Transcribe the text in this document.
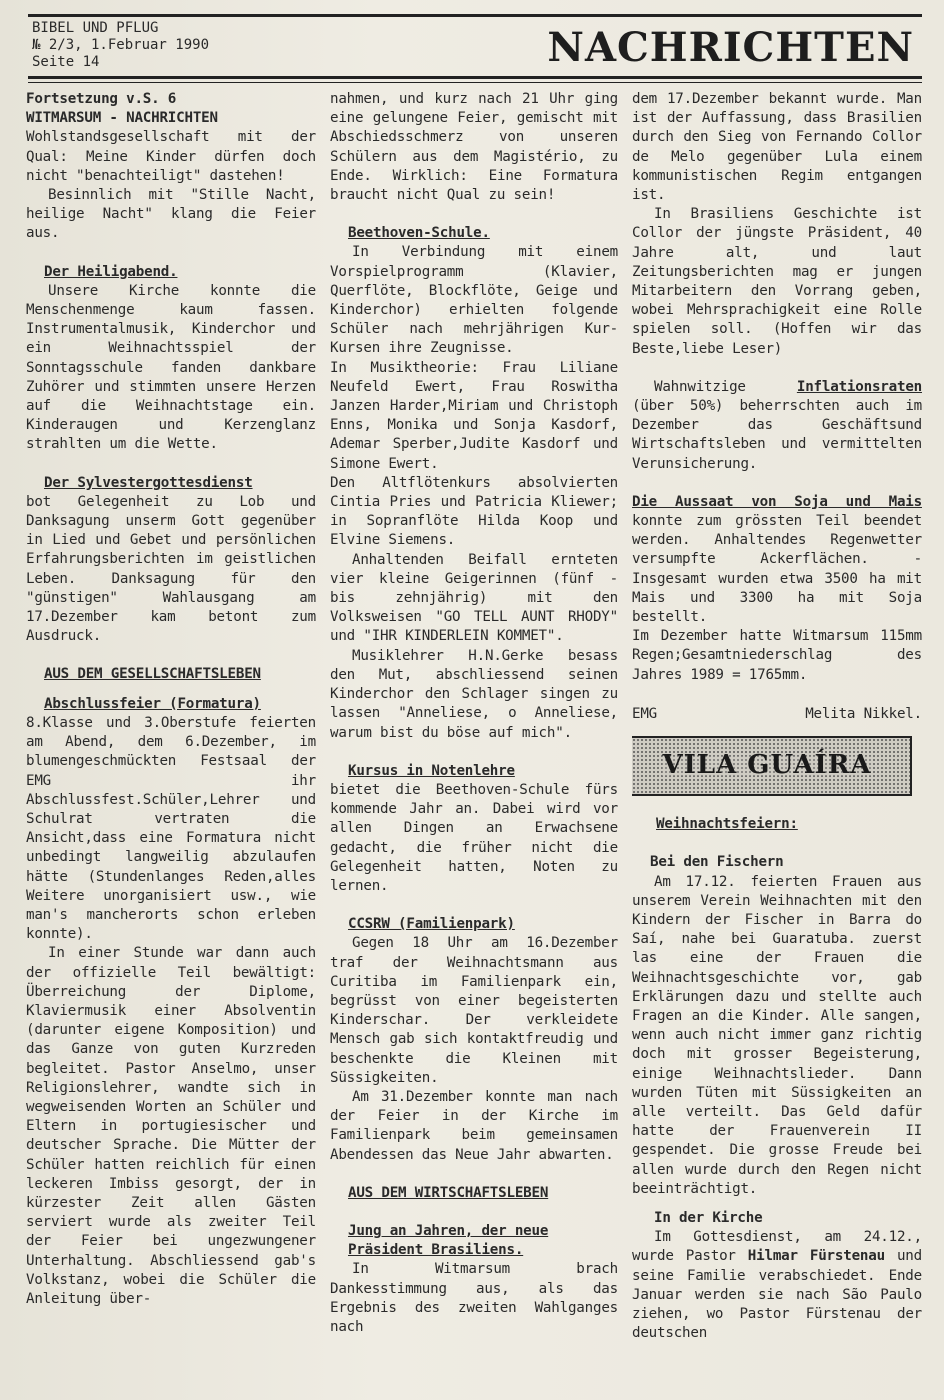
BIBEL UND PFLUG
№ 2/3, 1.Februar 1990
Seite 14	NACHRICHTEN

Fortsetzung v.S. 6

WITMARSUM - NACHRICHTEN

Wohlstandsgesellschaft mit der Qual: Meine Kinder dürfen doch nicht "benachteiligt" dastehen!

Besinnlich mit "Stille Nacht, heilige Nacht" klang die Feier aus.

Der Heiligabend.

Unsere Kirche konnte die Menschenmenge kaum fassen. Instrumentalmusik, Kinderchor und ein Weihnachtsspiel der Sonntagsschule fanden dankbare Zuhörer und stimmten unsere Herzen auf die Weihnachtstage ein. Kinderaugen und Kerzenglanz strahlten um die Wette.

Der Sylvestergottesdienst

bot Gelegenheit zu Lob und Danksagung unserm Gott gegenüber in Lied und Gebet und persönlichen Erfahrungsberichten im geistlichen Leben. Danksagung für den "günstigen" Wahlausgang am 17.Dezember kam betont zum Ausdruck.

AUS DEM GESELLSCHAFTSLEBEN

Abschlussfeier (Formatura)

8.Klasse und 3.Oberstufe feierten am Abend, dem 6.Dezember, im blumengeschmückten Festsaal der EMG ihr Abschlussfest.Schüler,Lehrer und Schulrat vertraten die Ansicht,dass eine Formatura nicht unbedingt langweilig abzulaufen hätte (Stundenlanges Reden,alles Weitere unorganisiert usw., wie man's mancherorts schon erleben konnte).

In einer Stunde war dann auch der offizielle Teil bewältigt: Überreichung der Diplome, Klaviermusik einer Absolventin (darunter eigene Komposition) und das Ganze von guten Kurzreden begleitet. Pastor Anselmo, unser Religionslehrer, wandte sich in wegweisenden Worten an Schüler und Eltern in portugiesischer und deutscher Sprache. Die Mütter der Schüler hatten reichlich für einen leckeren Imbiss gesorgt, der in kürzester Zeit allen Gästen serviert wurde als zweiter Teil der Feier bei ungezwungener Unterhaltung. Abschliessend gab's Volkstanz, wobei die Schüler die Anleitung über-

nahmen, und kurz nach 21 Uhr ging eine gelungene Feier, gemischt mit Abschiedsschmerz von unseren Schülern aus dem Magistério, zu Ende. Wirklich: Eine Formatura braucht nicht Qual zu sein!

Beethoven-Schule.

In Verbindung mit einem Vorspielprogramm (Klavier, Querflöte, Blockflöte, Geige und Kinderchor) erhielten folgende Schüler nach mehrjährigen Kur-Kursen ihre Zeugnisse.

In Musiktheorie: Frau Liliane Neufeld Ewert, Frau Roswitha Janzen Harder,Miriam und Christoph Enns, Monika und Sonja Kasdorf, Ademar Sperber,Judite Kasdorf und Simone Ewert.

Den Altflötenkurs absolvierten Cintia Pries und Patricia Kliewer; in Sopranflöte Hilda Koop und Elvine Siemens.

Anhaltenden Beifall ernteten vier kleine Geigerinnen (fünf - bis zehnjährig) mit den Volksweisen "GO TELL AUNT RHODY" und "IHR KINDERLEIN KOMMET".

Musiklehrer H.N.Gerke besass den Mut, abschliessend seinen Kinderchor den Schlager singen zu lassen "Anneliese, o Anneliese, warum bist du böse auf mich".

Kursus in Notenlehre

bietet die Beethoven-Schule fürs kommende Jahr an. Dabei wird vor allen Dingen an Erwachsene gedacht, die früher nicht die Gelegenheit hatten, Noten zu lernen.

CCSRW (Familienpark)

Gegen 18 Uhr am 16.Dezember traf der Weihnachtsmann aus Curitiba im Familienpark ein, begrüsst von einer begeisterten Kinderschar. Der verkleidete Mensch gab sich kontaktfreudig und beschenkte die Kleinen mit Süssigkeiten.

Am 31.Dezember konnte man nach der Feier in der Kirche im Familienpark beim gemeinsamen Abendessen das Neue Jahr abwarten.

AUS DEM WIRTSCHAFTSLEBEN

Jung an Jahren, der neue Präsident Brasiliens.

In Witmarsum brach Dankesstimmung aus, als das Ergebnis des zweiten Wahlganges nach

dem 17.Dezember bekannt wurde. Man ist der Auffassung, dass Brasilien durch den Sieg von Fernando Collor de Melo gegenüber Lula einem kommunistischen Regim entgangen ist.

In Brasiliens Geschichte ist Collor der jüngste Präsident, 40 Jahre alt, und laut Zeitungsberichten mag er jungen Mitarbeitern den Vorrang geben, wobei Mehrsprachigkeit eine Rolle spielen soll. (Hoffen wir das Beste,liebe Leser)

Wahnwitzige Inflationsraten (über 50%) beherrschten auch im Dezember das Geschäftsund Wirtschaftsleben und vermittelten Verunsicherung.

Die Aussaat von Soja und Mais konnte zum grössten Teil beendet werden. Anhaltendes Regenwetter versumpfte Ackerflächen. - Insgesamt wurden etwa 3500 ha mit Mais und 3300 ha mit Soja bestellt.

Im Dezember hatte Witmarsum 115mm Regen;Gesamtniederschlag des Jahres 1989 = 1765mm.

EMG	Melita Nikkel.
VILA GUAÍRA

Weihnachtsfeiern:

Bei den Fischern

Am 17.12. feierten Frauen aus unserem Verein Weihnachten mit den Kindern der Fischer in Barra do Saí, nahe bei Guaratuba. zuerst las eine der Frauen die Weihnachtsgeschichte vor, gab Erklärungen dazu und stellte auch Fragen an die Kinder. Alle sangen, wenn auch nicht immer ganz richtig doch mit grosser Begeisterung, einige Weihnachtslieder. Dann wurden Tüten mit Süssigkeiten an alle verteilt. Das Geld dafür hatte der Frauenverein II gespendet. Die grosse Freude bei allen wurde durch den Regen nicht beeinträchtigt.

In der Kirche

Im Gottesdienst, am 24.12., wurde Pastor Hilmar Fürstenau und seine Familie verabschiedet. Ende Januar werden sie nach São Paulo ziehen, wo Pastor Fürstenau der deutschen
